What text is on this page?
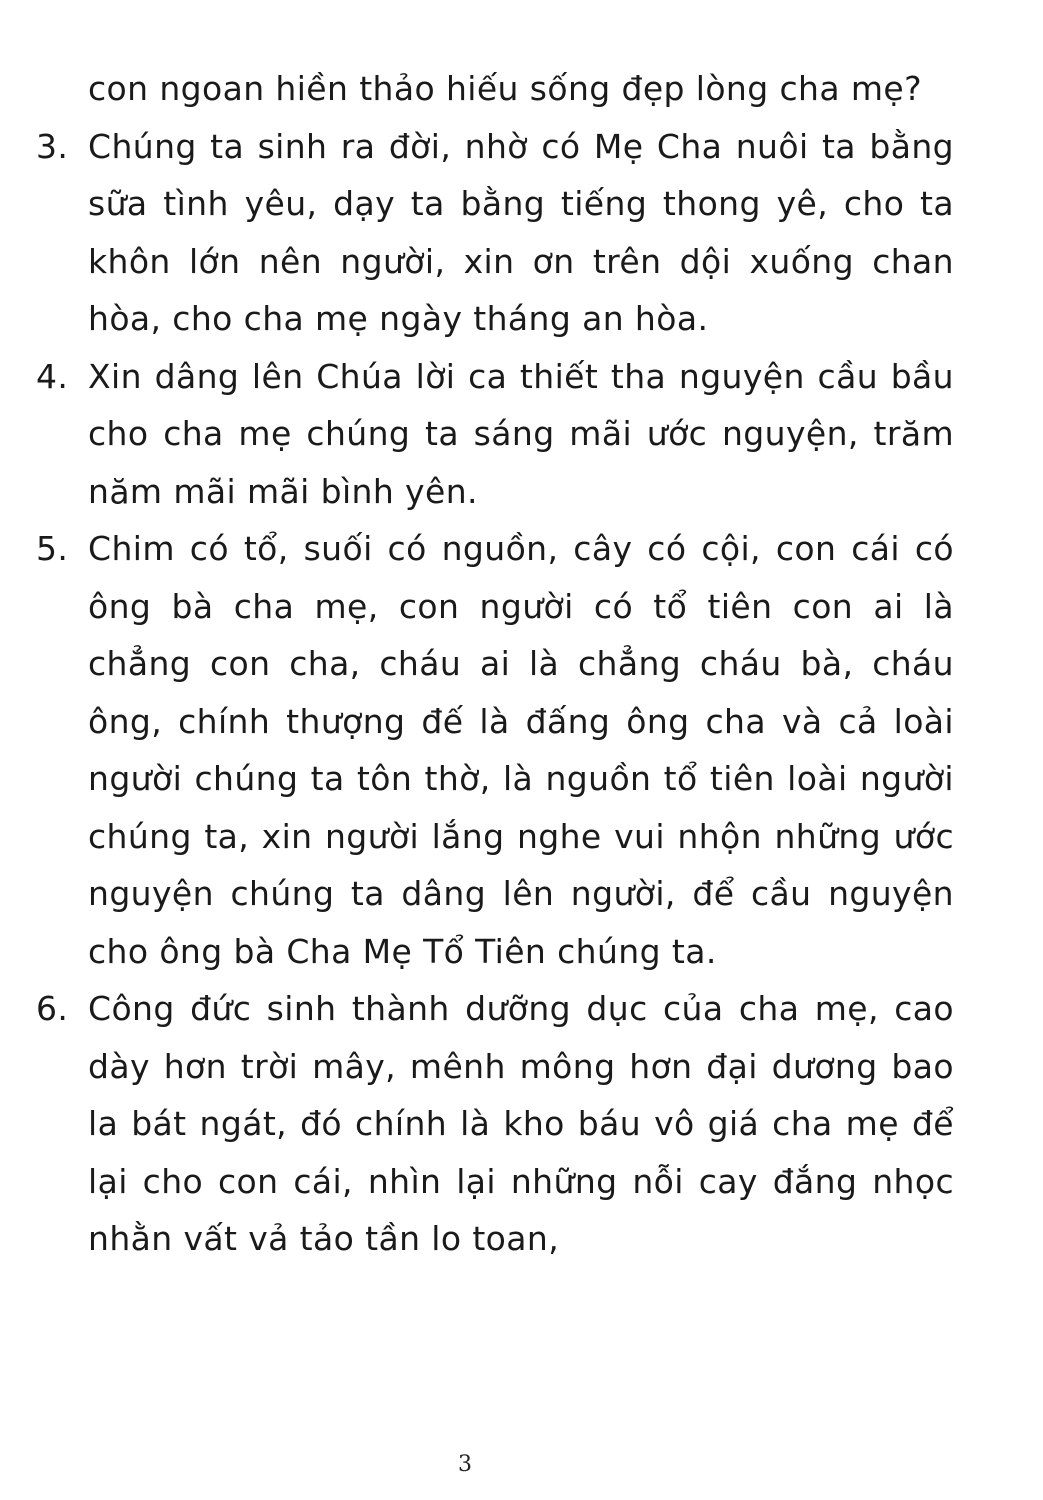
con ngoan hiền thảo hiếu sống đẹp lòng cha mẹ?

3. Chúng ta sinh ra đời, nhờ có Mẹ Cha nuôi ta bằng sữa tình yêu, dạy ta bằng tiếng thong yê, cho ta khôn lớn nên người, xin ơn trên dội xuống chan hòa, cho cha mẹ ngày tháng an hòa.

4. Xin dâng lên Chúa lời ca thiết tha nguyện cầu bầu cho cha mẹ chúng ta sáng mãi ước nguyện, trăm năm mãi mãi bình yên.

5. Chim có tổ, suối có nguồn, cây có cội, con cái có ông bà cha mẹ, con người có tổ tiên con ai là chẳng con cha, cháu ai là chẳng cháu bà, cháu ông, chính thượng đế là đấng ông cha và cả loài người chúng ta tôn thờ, là nguồn tổ tiên loài người chúng ta, xin người lắng nghe vui nhộn những ước nguyện chúng ta dâng lên người, để cầu nguyện cho ông bà Cha Mẹ Tổ Tiên chúng ta.

6. Công đức sinh thành dưỡng dục của cha mẹ, cao dày hơn trời mây, mênh mông hơn đại dương bao la bát ngát, đó chính là kho báu vô giá cha mẹ để lại cho con cái, nhìn lại những nỗi cay đắng nhọc nhằn vất vả tảo tần lo toan,

3
